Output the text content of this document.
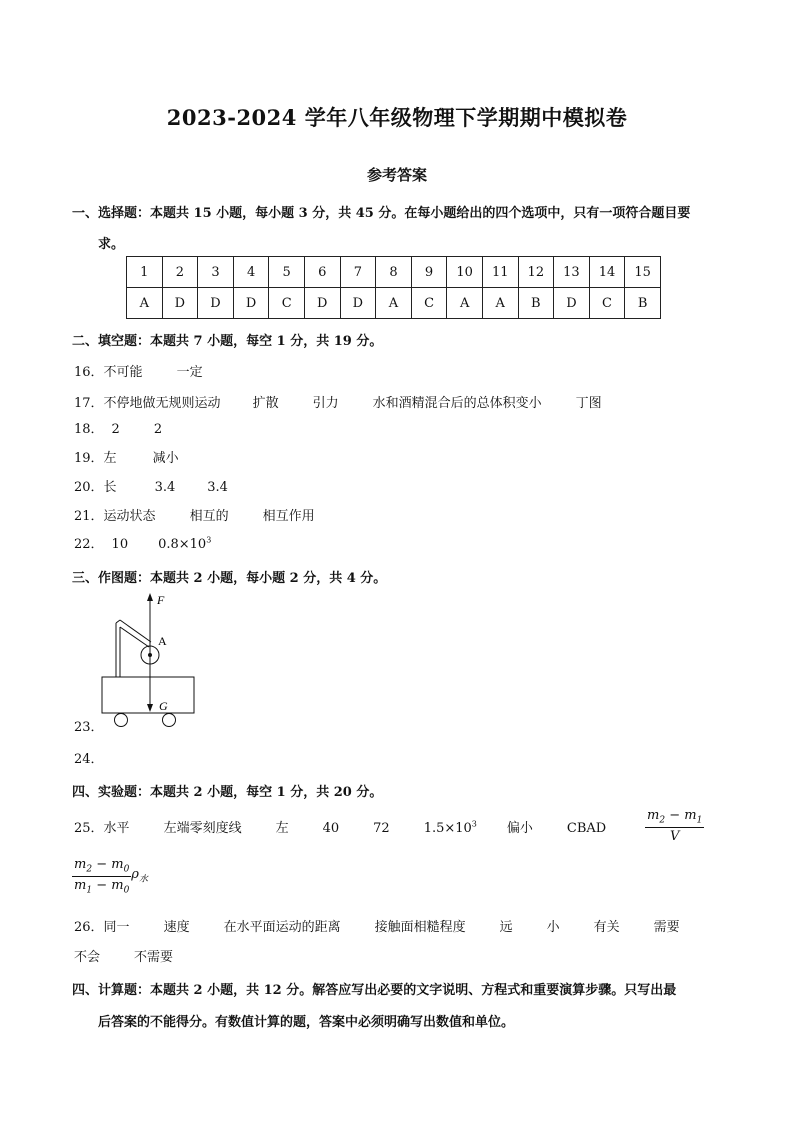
2023-2024 学年八年级物理下学期期中模拟卷
参考答案
一、选择题：本题共 15 小题，每小题 3 分，共 45 分。在每小题给出的四个选项中，只有一项符合题目要
求。
1	2	3	4	5	6	7	8	9	10	11	12	13	14	15
A	D	D	D	C	D	D	A	C	A	A	B	D	C	B
二、填空题：本题共 7 小题，每空 1 分，共 19 分。
16．不可能	一定
17．不停地做无规则运动 扩散	引力	水和酒精混合后的总体积变小	丁图
18． 2	2
19．左	减小
20．长	3.4 3.4
21．运动状态	相互的	相互作用
22． 10 $0.8\times 10^3$
三、作图题：本题共 2 小题，每小题 2 分，共 4 分。
F
G
A
23．
24．
四、实验题：本题共 2 小题，每空 1 分，共 20 分。
25．水平	左端零刻度线	左	40	72	$1.5\times 10^3$ 偏小	CBAD	$\frac{m_2 - m_1}{V}$
$\frac{m_2 - m_0}{m_1 - m_0} \rho_水$
26．同一	速度	在水平面运动的距离	接触面相糙程度	远	小	有关	需要
不会	不需要
四、计算题：本题共 2 小题，共 12 分。解答应写出必要的文字说明、方程式和重要演算步骤。只写出最
后答案的不能得分。有数值计算的题，答案中必须明确写出数值和单位。
